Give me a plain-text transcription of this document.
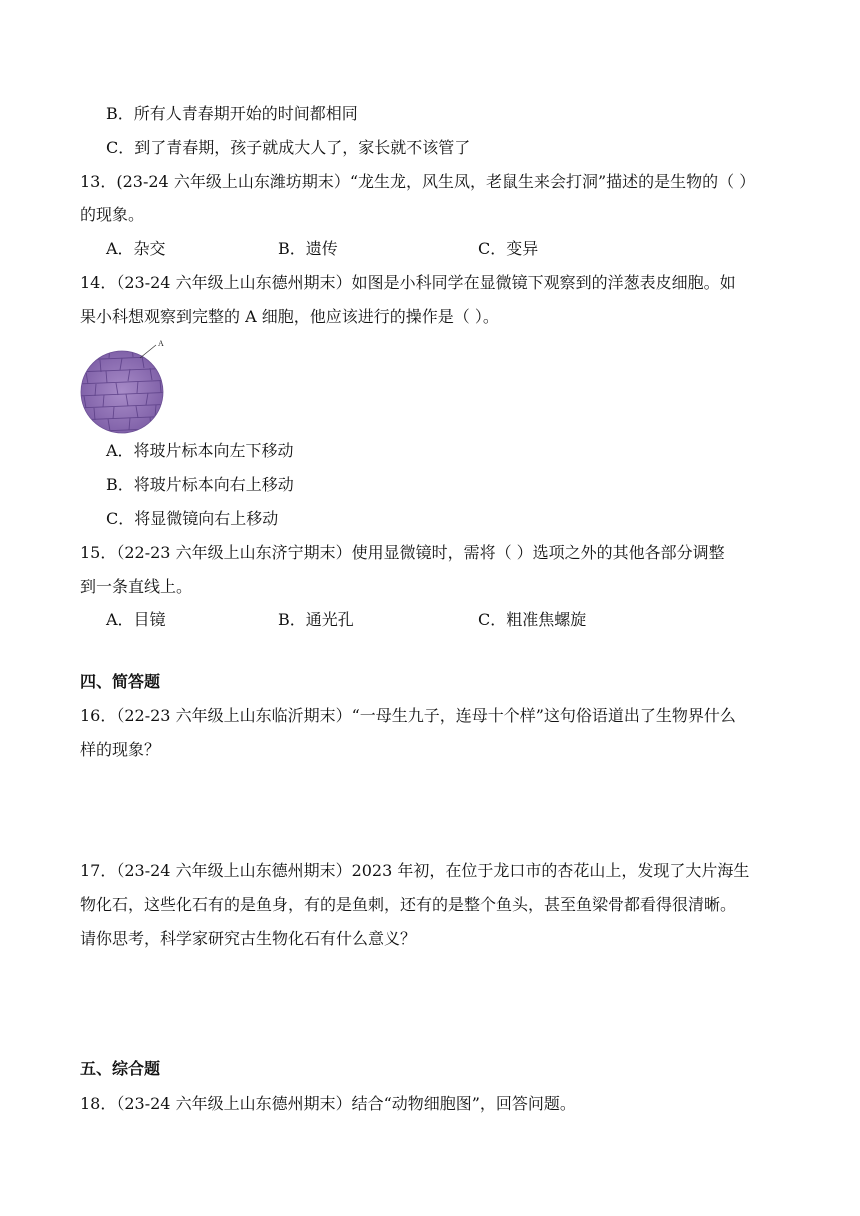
B．所有人青春期开始的时间都相同
C．到了青春期，孩子就成大人了，家长就不该管了
13．(23-24 六年级上山东潍坊期末）“龙生龙，风生凤，老鼠生来会打洞”描述的是生物的（ ）
的现象。
A．杂交	B．遗传	C．变异
14．（23-24 六年级上山东德州期末）如图是小科同学在显微镜下观察到的洋葱表皮细胞。如
果小科想观察到完整的 A 细胞，他应该进行的操作是（ ）。
A
A．将玻片标本向左下移动
B．将玻片标本向右上移动
C．将显微镜向右上移动
15．（22-23 六年级上山东济宁期末）使用显微镜时，需将（ ）选项之外的其他各部分调整
到一条直线上。
A．目镜	B．通光孔	C．粗准焦螺旋
四、简答题
16．（22-23 六年级上山东临沂期末）“一母生九子，连母十个样”这句俗语道出了生物界什么
样的现象？
17．（23-24 六年级上山东德州期末）2023 年初，在位于龙口市的杏花山上，发现了大片海生
物化石，这些化石有的是鱼身，有的是鱼刺，还有的是整个鱼头，甚至鱼梁骨都看得很清晰。
请你思考，科学家研究古生物化石有什么意义？
五、综合题
18．（23-24 六年级上山东德州期末）结合“动物细胞图”，回答问题。
